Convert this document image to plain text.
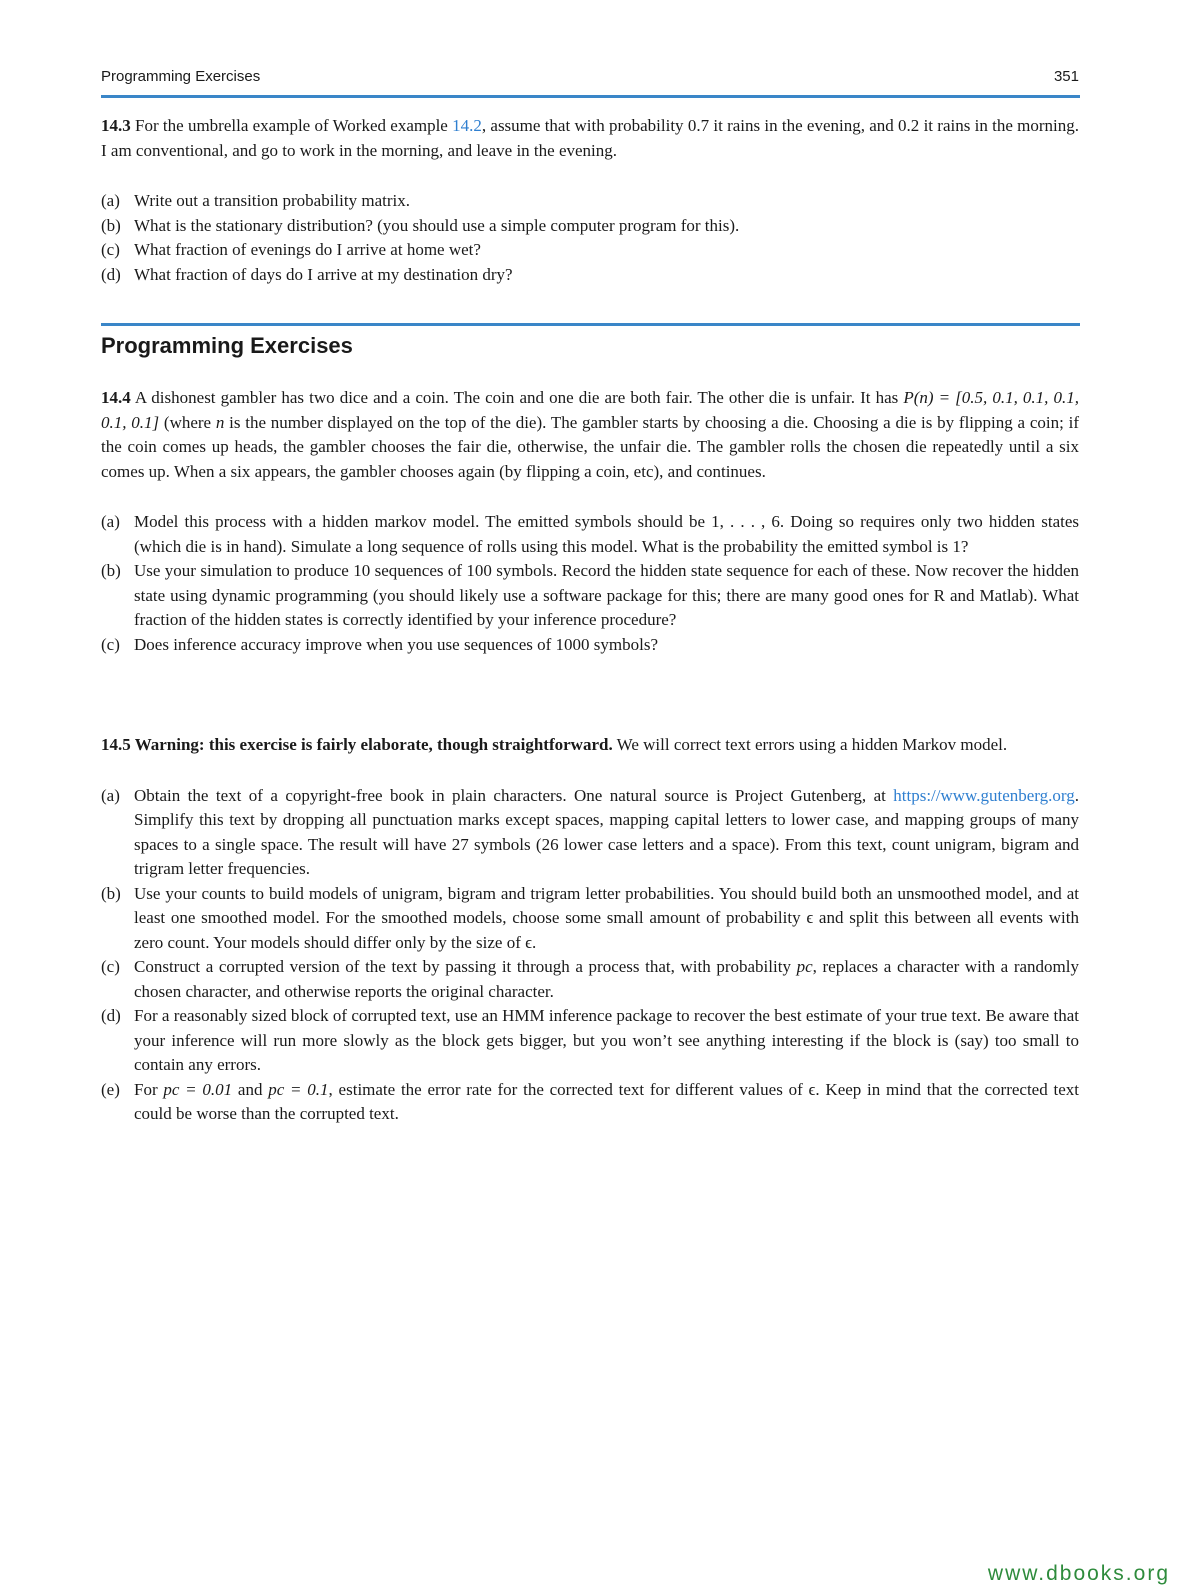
Programming Exercises	351

14.3 For the umbrella example of Worked example 14.2, assume that with probability 0.7 it rains in the evening, and 0.2 it rains in the morning. I am conventional, and go to work in the morning, and leave in the evening.

(a) Write out a transition probability matrix.
(b) What is the stationary distribution? (you should use a simple computer program for this).
(c) What fraction of evenings do I arrive at home wet?
(d) What fraction of days do I arrive at my destination dry?
Programming Exercises

14.4 A dishonest gambler has two dice and a coin. The coin and one die are both fair. The other die is unfair. It has P(n) = [0.5, 0.1, 0.1, 0.1, 0.1, 0.1] (where n is the number displayed on the top of the die). The gambler starts by choosing a die. Choosing a die is by flipping a coin; if the coin comes up heads, the gambler chooses the fair die, otherwise, the unfair die. The gambler rolls the chosen die repeatedly until a six comes up. When a six appears, the gambler chooses again (by flipping a coin, etc), and continues.

(a) Model this process with a hidden markov model. The emitted symbols should be 1, . . . , 6. Doing so requires only two hidden states (which die is in hand). Simulate a long sequence of rolls using this model. What is the probability the emitted symbol is 1?
(b) Use your simulation to produce 10 sequences of 100 symbols. Record the hidden state sequence for each of these. Now recover the hidden state using dynamic programming (you should likely use a software package for this; there are many good ones for R and Matlab). What fraction of the hidden states is correctly identified by your inference procedure?
(c) Does inference accuracy improve when you use sequences of 1000 symbols?

14.5 Warning: this exercise is fairly elaborate, though straightforward. We will correct text errors using a hidden Markov model.

(a) Obtain the text of a copyright-free book in plain characters. One natural source is Project Gutenberg, at https://www.gutenberg.org. Simplify this text by dropping all punctuation marks except spaces, mapping capital letters to lower case, and mapping groups of many spaces to a single space. The result will have 27 symbols (26 lower case letters and a space). From this text, count unigram, bigram and trigram letter frequencies.
(b) Use your counts to build models of unigram, bigram and trigram letter probabilities. You should build both an unsmoothed model, and at least one smoothed model. For the smoothed models, choose some small amount of probability ϵ and split this between all events with zero count. Your models should differ only by the size of ϵ.
(c) Construct a corrupted version of the text by passing it through a process that, with probability pc, replaces a character with a randomly chosen character, and otherwise reports the original character.
(d) For a reasonably sized block of corrupted text, use an HMM inference package to recover the best estimate of your true text. Be aware that your inference will run more slowly as the block gets bigger, but you won’t see anything interesting if the block is (say) too small to contain any errors.
(e) For pc = 0.01 and pc = 0.1, estimate the error rate for the corrected text for different values of ϵ. Keep in mind that the corrected text could be worse than the corrupted text.
www.dbooks.org
